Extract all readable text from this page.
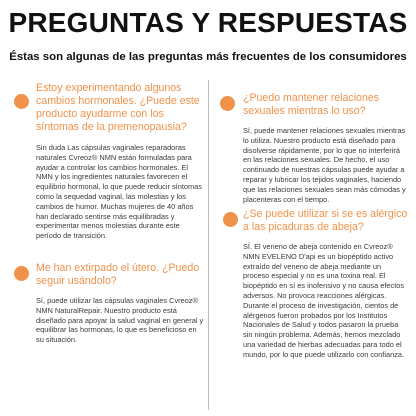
PREGUNTAS Y RESPUESTAS
Éstas son algunas de las preguntas más frecuentes de los consumidores
Estoy experimentando algunos cambios hormonales. ¿Puede este producto ayudarme con los síntomas de la premenopausia?
Sin duda Las cápsulas vaginales reparadoras naturales Cvreoz® NMN están formuladas para ayudar a controlar los cambios hormonales. El NMN y los ingredientes naturales favorecen el equilibrio hormonal, lo que puede reducir síntomas como la sequedad vaginal, las molestias y los cambios de humor. Muchas mujeres de 40 años han declarado sentirse más equilibradas y experimentar menos molestias durante este período de transición.
Me han extirpado el útero. ¿Puedo seguir usándolo?
Sí, puede utilizar las cápsulas vaginales Cvreoz® NMN NaturalRepair. Nuestro producto está diseñado para apoyar la salud vaginal en general y equilibrar las hormonas, lo que es beneficioso en su situación.
¿Puedo mantener relaciones sexuales mientras lo uso?
Sí, puede mantener relaciones sexuales mientras lo utiliza. Nuestro producto está diseñado para disolverse rápidamente, por lo que no interferirá en las relaciones sexuales. De hecho, el uso continuado de nuestras cápsulas puede ayudar a reparar y lubricar los tejidos vaginales, haciendo que las relaciones sexuales sean más cómodas y placenteras con el tiempo.
¿Se puede utilizar si se es alérgico a las picaduras de abeja?
SÍ. El veneno de abeja contenido en Cvreoz® NMN EVELENO D'api es un biopéptido activo extraído del veneno de abeja mediante un proceso especial y no es una toxina real. El biopéptido en sí es inofensivo y no causa efectos adversos. No provoca reacciones alérgicas. Durante el proceso de investigación, cientos de alérgenos fueron probados por los Institutos Nacionales de Salud y todos pasaron la prueba sin ningún problema. Además, hemos mezclado una variedad de hierbas adecuadas para todo el mundo, por lo que puede utilizarlo con confianza.
